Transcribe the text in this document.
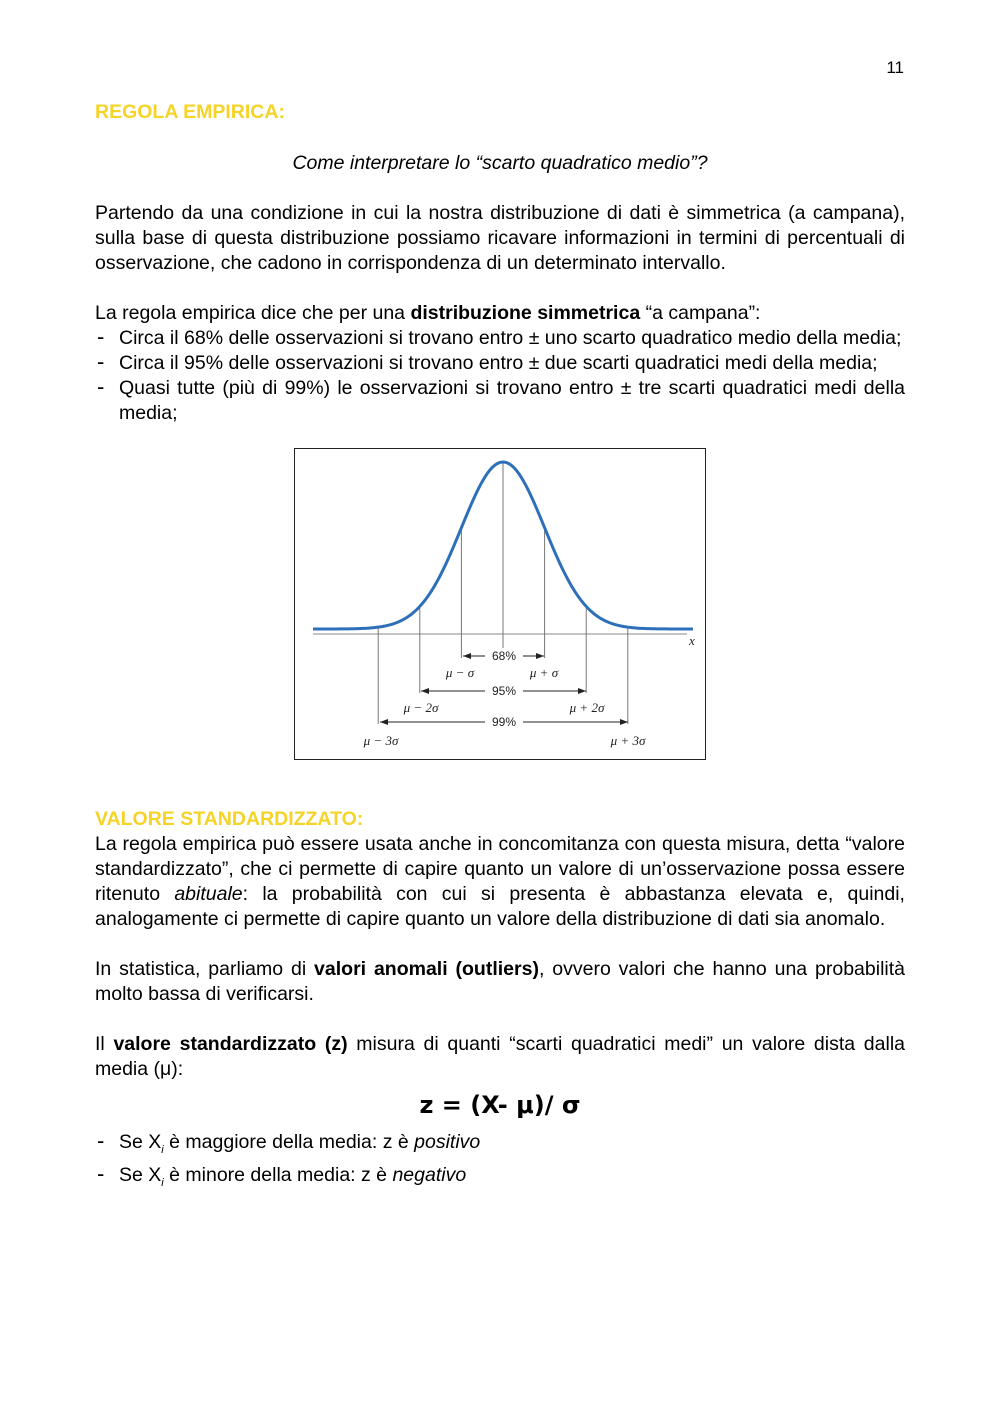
11
REGOLA EMPIRICA:
Come interpretare lo “scarto quadratico medio”?

Partendo da una condizione in cui la nostra distribuzione di dati è simmetrica (a campana), sulla base di questa distribuzione possiamo ricavare informazioni in termini di percentuali di osservazione, che cadono in corrispondenza di un determinato intervallo.

La regola empirica dice che per una distribuzione simmetrica “a campana”:

- Circa il 68% delle osservazioni si trovano entro ± uno scarto quadratico medio della media;
- Circa il 95% delle osservazioni si trovano entro ± due scarti quadratici medi della media;
- Quasi tutte (più di 99%) le osservazioni si trovano entro ± tre scarti quadratici medi della media;
x
68%
μ − σ	μ + σ
95%
μ − 2σ	μ + 2σ
99%
μ − 3σ	μ + 3σ
VALORE STANDARDIZZATO:

La regola empirica può essere usata anche in concomitanza con questa misura, detta “valore standardizzato”, che ci permette di capire quanto un valore di un’osservazione possa essere ritenuto abituale: la probabilità con cui si presenta è abbastanza elevata e, quindi, analogamente ci permette di capire quanto un valore della distribuzione di dati sia anomalo.

In statistica, parliamo di valori anomali (outliers), ovvero valori che hanno una probabilità molto bassa di verificarsi.

Il valore standardizzato (z) misura di quanti “scarti quadratici medi” un valore dista dalla media (μ):

z = (X- μ)/ σ
- Se $X_i$ è maggiore della media: z è positivo
- Se $X_i$ è minore della media: z è negativo
